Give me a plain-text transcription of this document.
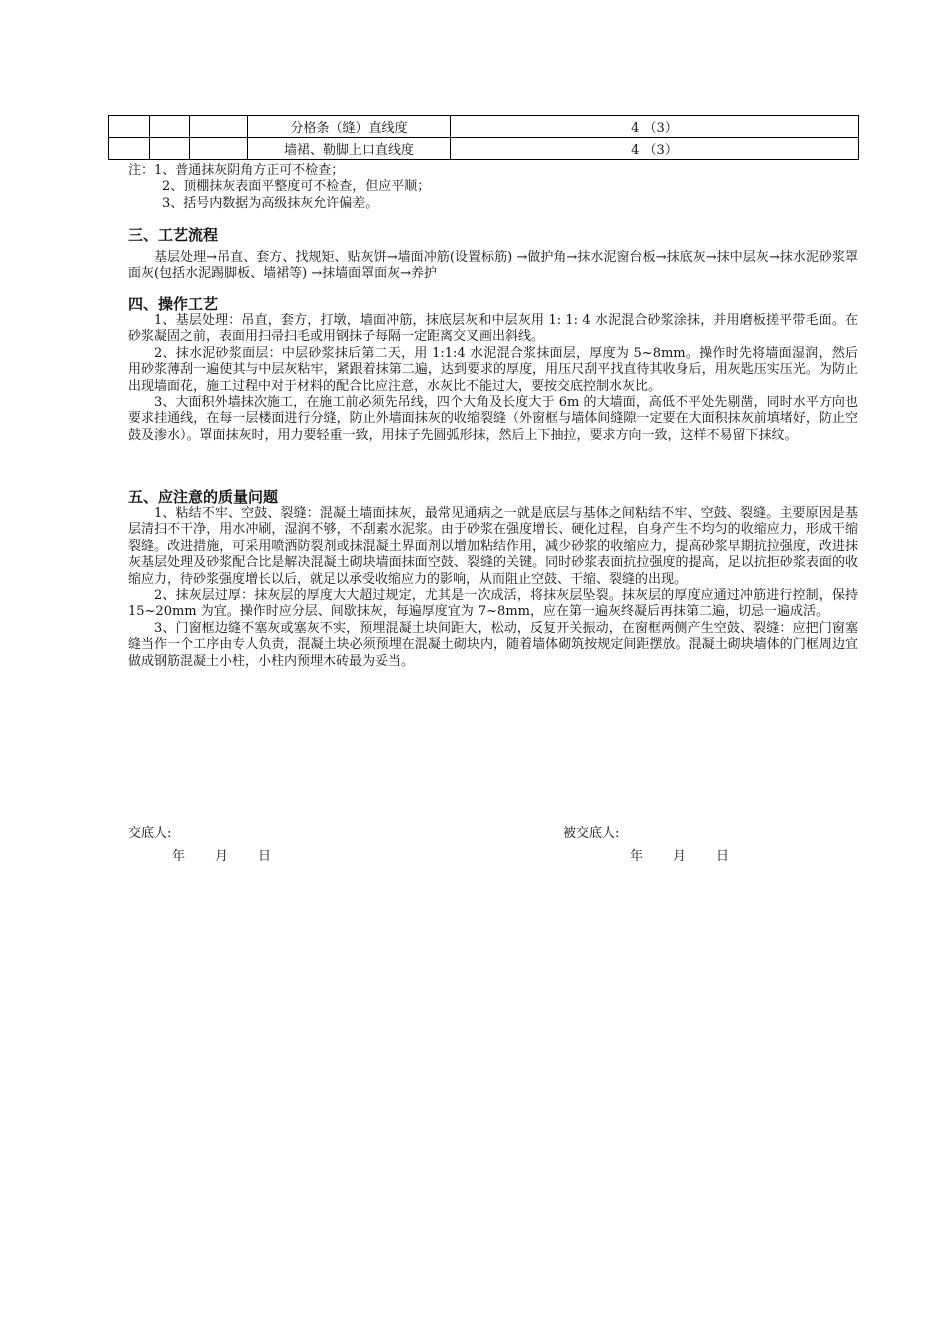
			分格条（缝）直线度	4 （3）
			墙裙、勒脚上口直线度	4 （3）

注：1、普通抹灰阴角方正可不检查；

2、顶棚抹灰表面平整度可不检查，但应平顺；

3、括号内数据为高级抹灰允许偏差。

三、工艺流程

基层处理→吊直、套方、找规矩、贴灰饼→墙面冲筋(设置标筋) →做护角→抹水泥窗台板→抹底灰→抹中层灰→抹水泥砂浆罩面灰(包括水泥踢脚板、墙裙等) →抹墙面罩面灰→养护

四、操作工艺

1、基层处理：吊直，套方，打墩，墙面冲筋，抹底层灰和中层灰用 1: 1: 4 水泥混合砂浆涂抹，并用磨板搓平带毛面。在砂浆凝固之前，表面用扫帚扫毛或用钢抹子每隔一定距离交叉画出斜线。

2、抹水泥砂浆面层：中层砂浆抹后第二天，用 1:1:4 水泥混合浆抹面层，厚度为 5~8mm。操作时先将墙面湿润，然后用砂浆薄刮一遍使其与中层灰粘牢，紧跟着抹第二遍，达到要求的厚度，用压尺刮平找直待其收身后，用灰匙压实压光。为防止出现墙面花，施工过程中对于材料的配合比应注意，水灰比不能过大，要按交底控制水灰比。

3、大面积外墙抹次施工，在施工前必须先吊线，四个大角及长度大于 6m 的大墙面，高低不平处先剔凿，同时水平方向也要求挂通线，在每一层楼面进行分缝，防止外墙面抹灰的收缩裂缝（外窗框与墙体间缝隙一定要在大面积抹灰前填堵好，防止空鼓及渗水）。罩面抹灰时，用力要轻重一致，用抹子先圆弧形抹，然后上下抽拉，要求方向一致，这样不易留下抹纹。

五、应注意的质量问题

1、粘结不牢、空鼓、裂缝：混凝土墙面抹灰，最常见通病之一就是底层与基体之间粘结不牢、空鼓、裂缝。主要原因是基层清扫不干净，用水冲刷，湿润不够，不刮素水泥浆。由于砂浆在强度增长、硬化过程，自身产生不均匀的收缩应力，形成干缩裂缝。改进措施，可采用喷洒防裂剂或抹混凝土界面剂以增加粘结作用，减少砂浆的收缩应力，提高砂浆早期抗拉强度，改进抹灰基层处理及砂浆配合比是解决混凝土砌块墙面抹面空鼓、裂缝的关键。同时砂浆表面抗拉强度的提高，足以抗拒砂浆表面的收缩应力，待砂浆强度增长以后，就足以承受收缩应力的影响，从而阻止空鼓、干缩、裂缝的出现。

2、抹灰层过厚：抹灰层的厚度大大超过规定，尤其是一次成活，将抹灰层坠裂。抹灰层的厚度应通过冲筋进行控制，保持 15~20mm 为宜。操作时应分层、间歇抹灰，每遍厚度宜为 7~8mm，应在第一遍灰终凝后再抹第二遍，切忌一遍成活。

3、门窗框边缝不塞灰或塞灰不实，预埋混凝土块间距大，松动，反复开关振动，在窗框两侧产生空鼓、裂缝：应把门窗塞缝当作一个工序由专人负责，混凝土块必须预埋在混凝土砌块内，随着墙体砌筑按规定间距摆放。混凝土砌块墙体的门框周边宜做成钢筋混凝土小柱，小柱内预埋木砖最为妥当。

交底人:	被交底人:
年 月 日	年 月 日
